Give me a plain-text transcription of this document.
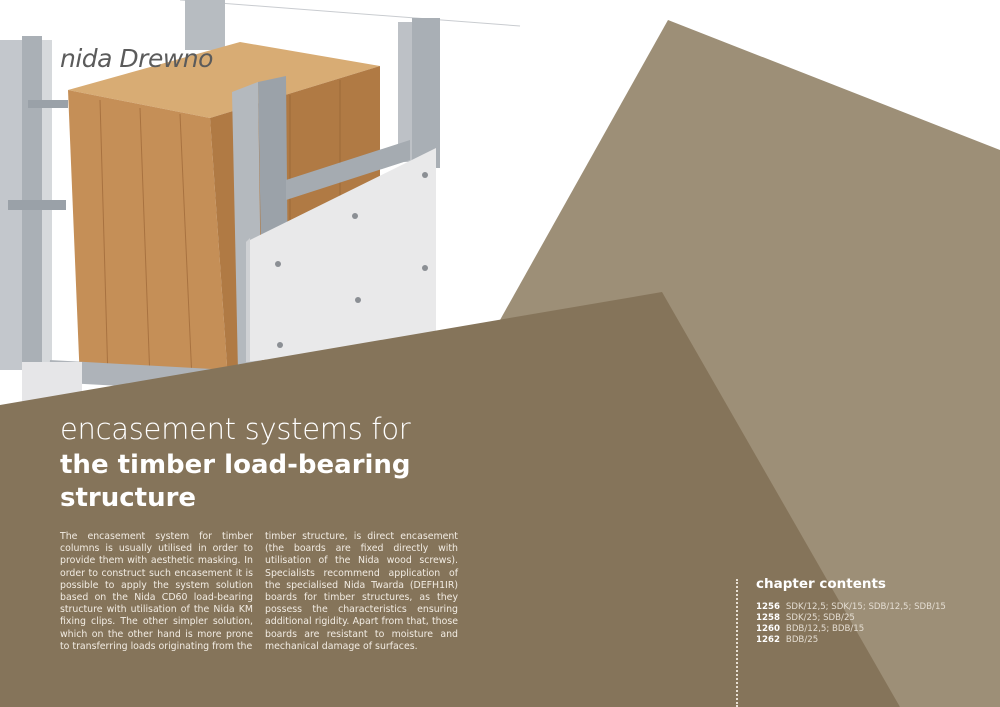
nida Drewno
encasement systems for
the timber load-bearing structure
The encasement system for timber columns is usually utilised in order to provide them with aesthetic masking. In order to construct such encasement it is possible to apply the system solution based on the Nida CD60 load-bearing structure with utilisation of the Nida KM fixing clips. The other simpler solution, which on the other hand is more prone to transferring loads originating from the
timber structure, is direct encasement (the boards are fixed directly with utilisation of the Nida wood screws). Specialists recommend application of the specialised Nida Twarda (DEFH1IR) boards for timber structures, as they possess the characteristics ensuring additional rigidity. Apart from that, those boards are resistant to moisture and mechanical damage of surfaces.
chapter contents
1256 SDK/12,5; SDK/15; SDB/12,5; SDB/15
1258 SDK/25; SDB/25
1260 BDB/12,5; BDB/15
1262 BDB/25
